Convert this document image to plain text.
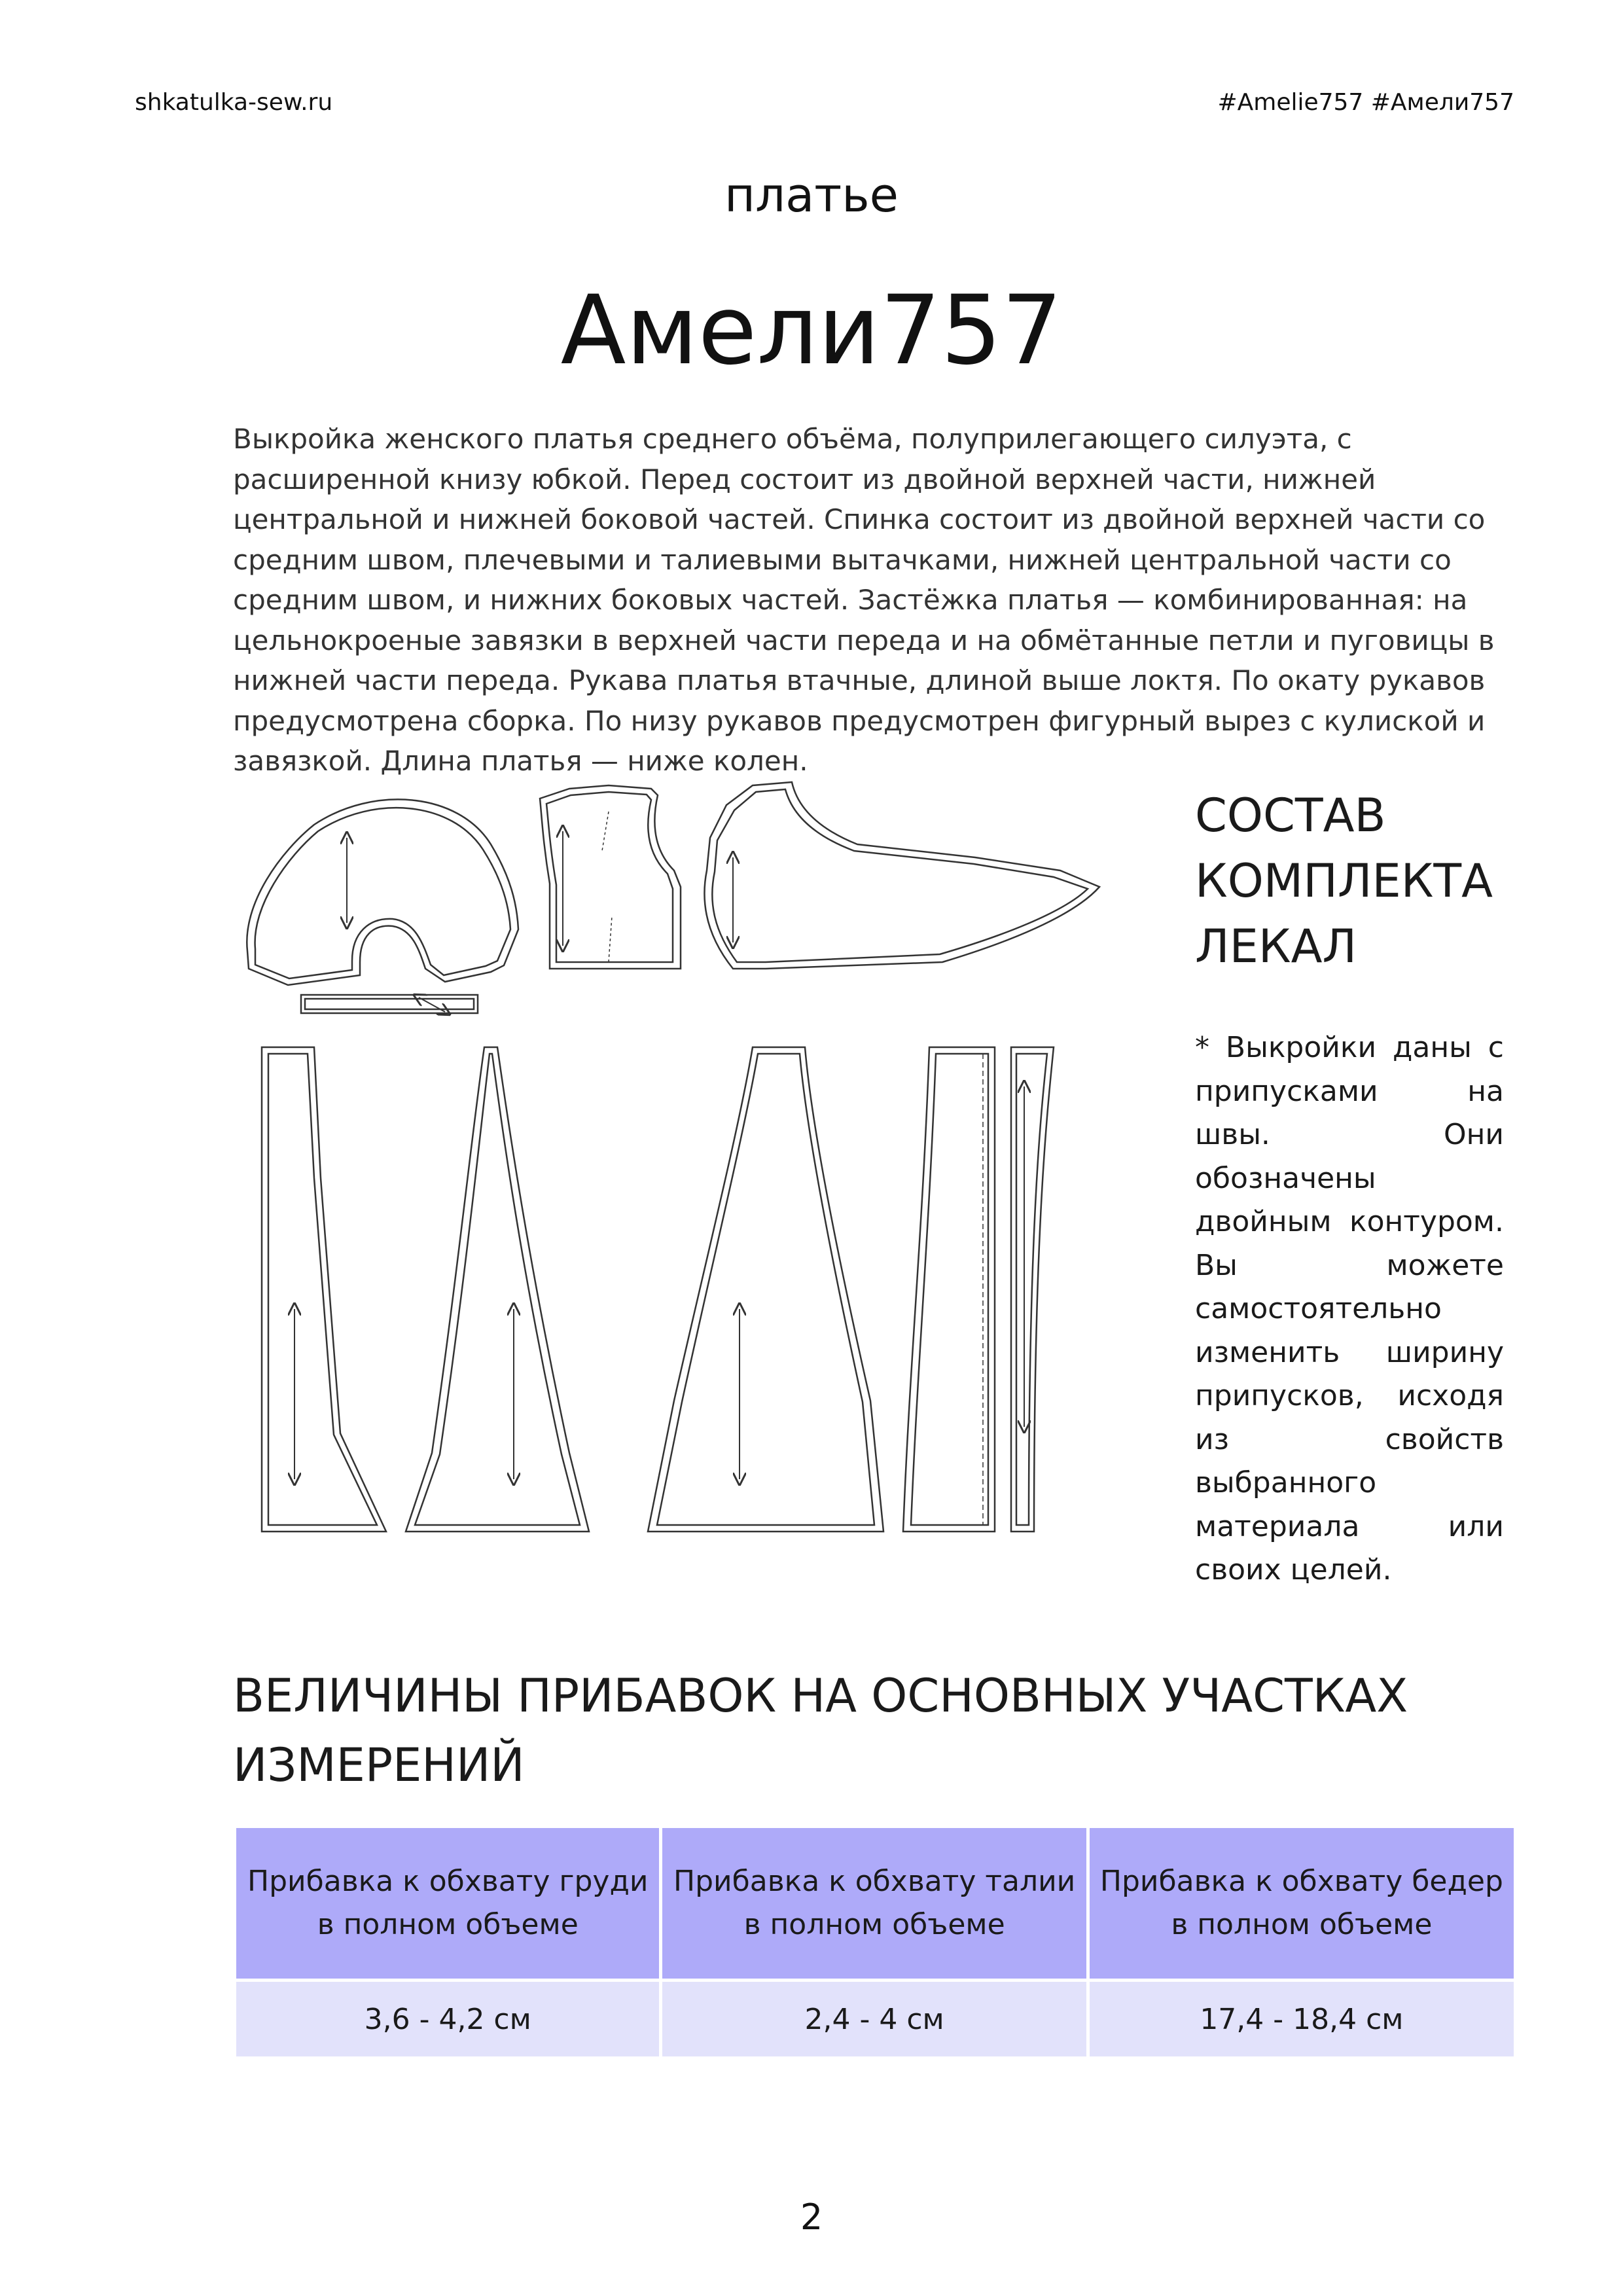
shkatulka-sew.ru	#Amelie757 #Амели757
платье
Амели757

Выкройка женского платья среднего объёма, полуприлегающего силуэта, с расширенной книзу юбкой. Перед состоит из двойной верхней части, нижней центральной и нижней боковой частей. Спинка состоит из двойной верхней части со средним швом, плечевыми и талиевыми вытачками, нижней центральной части со средним швом, и нижних боковых частей. Застёжка платья — комбинированная: на цельнокроеные завязки в верхней части переда и на обмётанные петли и пуговицы в нижней части переда. Рукава платья втачные, длиной выше локтя. По окату рукавов предусмотрена сборка. По низу рукавов предусмотрен фигурный вырез с кулиской и завязкой. Длина платья — ниже колен.

СОСТАВ
КОМПЛЕКТА
ЛЕКАЛ
* Выкройки даны с припусками на швы. Они обозначены двойным контуром. Вы можете самостоятельно изменить ширину припусков, исходя из свойств выбранного материала или своих целей.
ВЕЛИЧИНЫ ПРИБАВОК НА ОСНОВНЫХ УЧАСТКАХ ИЗМЕРЕНИЙ
Прибавка к обхвату груди в полном объеме	Прибавка к обхвату талии в полном объеме	Прибавка к обхвату бедер в полном объеме
3,6 - 4,2 см	2,4 - 4 см	17,4 - 18,4 см
2
